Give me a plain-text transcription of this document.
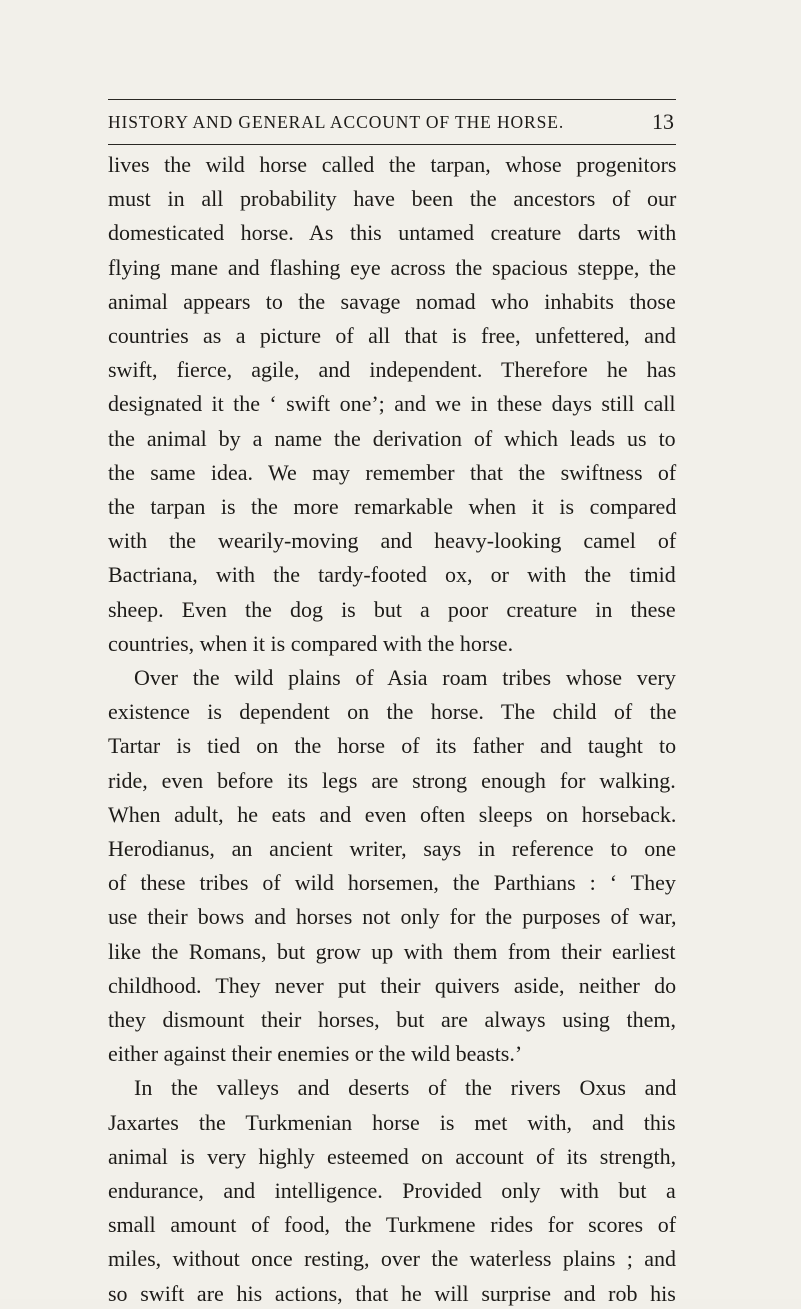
HISTORY AND GENERAL ACCOUNT OF THE HORSE.	13
lives the wild horse called the tarpan, whose progenitors
must in all probability have been the ancestors of our
domesticated horse. As this untamed creature darts with
flying mane and flashing eye across the spacious steppe, the
animal appears to the savage nomad who inhabits those
countries as a picture of all that is free, unfettered, and
swift, fierce, agile, and independent. Therefore he has
designated it the ‘ swift one’; and we in these days still call
the animal by a name the derivation of which leads us to
the same idea. We may remember that the swiftness of
the tarpan is the more remarkable when it is compared
with the wearily-moving and heavy-looking camel of
Bactriana, with the tardy-footed ox, or with the timid
sheep. Even the dog is but a poor creature in these
countries, when it is compared with the horse.
Over the wild plains of Asia roam tribes whose very
existence is dependent on the horse. The child of the
Tartar is tied on the horse of its father and taught to
ride, even before its legs are strong enough for walking.
When adult, he eats and even often sleeps on horseback.
Herodianus, an ancient writer, says in reference to one
of these tribes of wild horsemen, the Parthians : ‘ They
use their bows and horses not only for the purposes of war,
like the Romans, but grow up with them from their earliest
childhood. They never put their quivers aside, neither do
they dismount their horses, but are always using them,
either against their enemies or the wild beasts.’
In the valleys and deserts of the rivers Oxus and
Jaxartes the Turkmenian horse is met with, and this
animal is very highly esteemed on account of its strength,
endurance, and intelligence. Provided only with but a
small amount of food, the Turkmene rides for scores of
miles, without once resting, over the waterless plains ; and
so swift are his actions, that he will surprise and rob his
